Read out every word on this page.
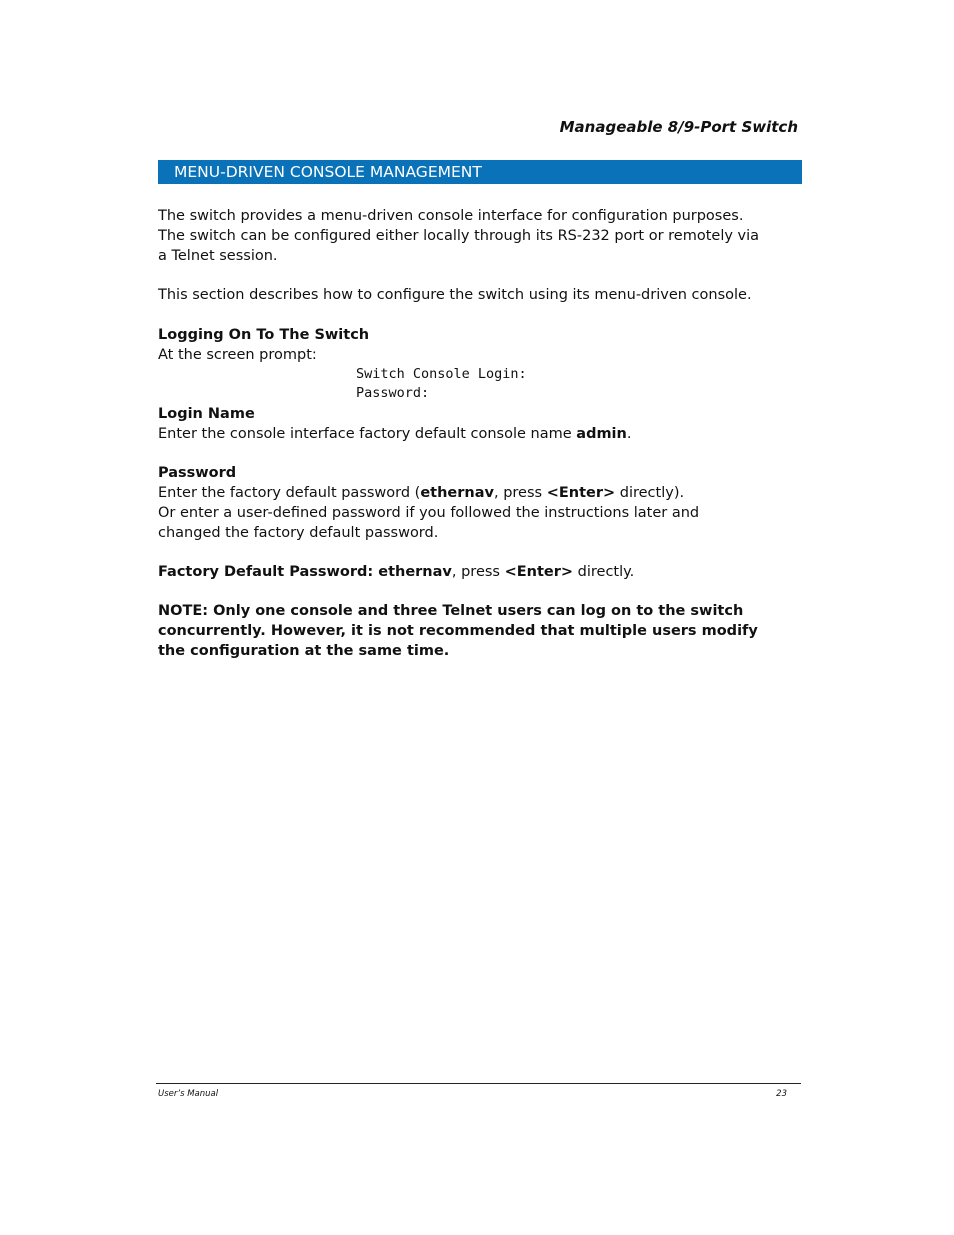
Manageable 8/9-Port Switch
MENU-DRIVEN CONSOLE MANAGEMENT

The switch provides a menu-driven console interface for configuration purposes.

The switch can be configured either locally through its RS-232 port or remotely via

a Telnet session.

This section describes how to configure the switch using its menu-driven console.

Logging On To The Switch

At the screen prompt:

Switch Console Login:
Password:

Login Name

Enter the console interface factory default console name admin.

Password

Enter the factory default password (ethernav, press <Enter> directly).

Or enter a user-defined password if you followed the instructions later and

changed the factory default password.

Factory Default Password: ethernav, press <Enter> directly.

NOTE: Only one console and three Telnet users can log on to the switch

concurrently. However, it is not recommended that multiple users modify

the configuration at the same time.

User’s Manual	23
